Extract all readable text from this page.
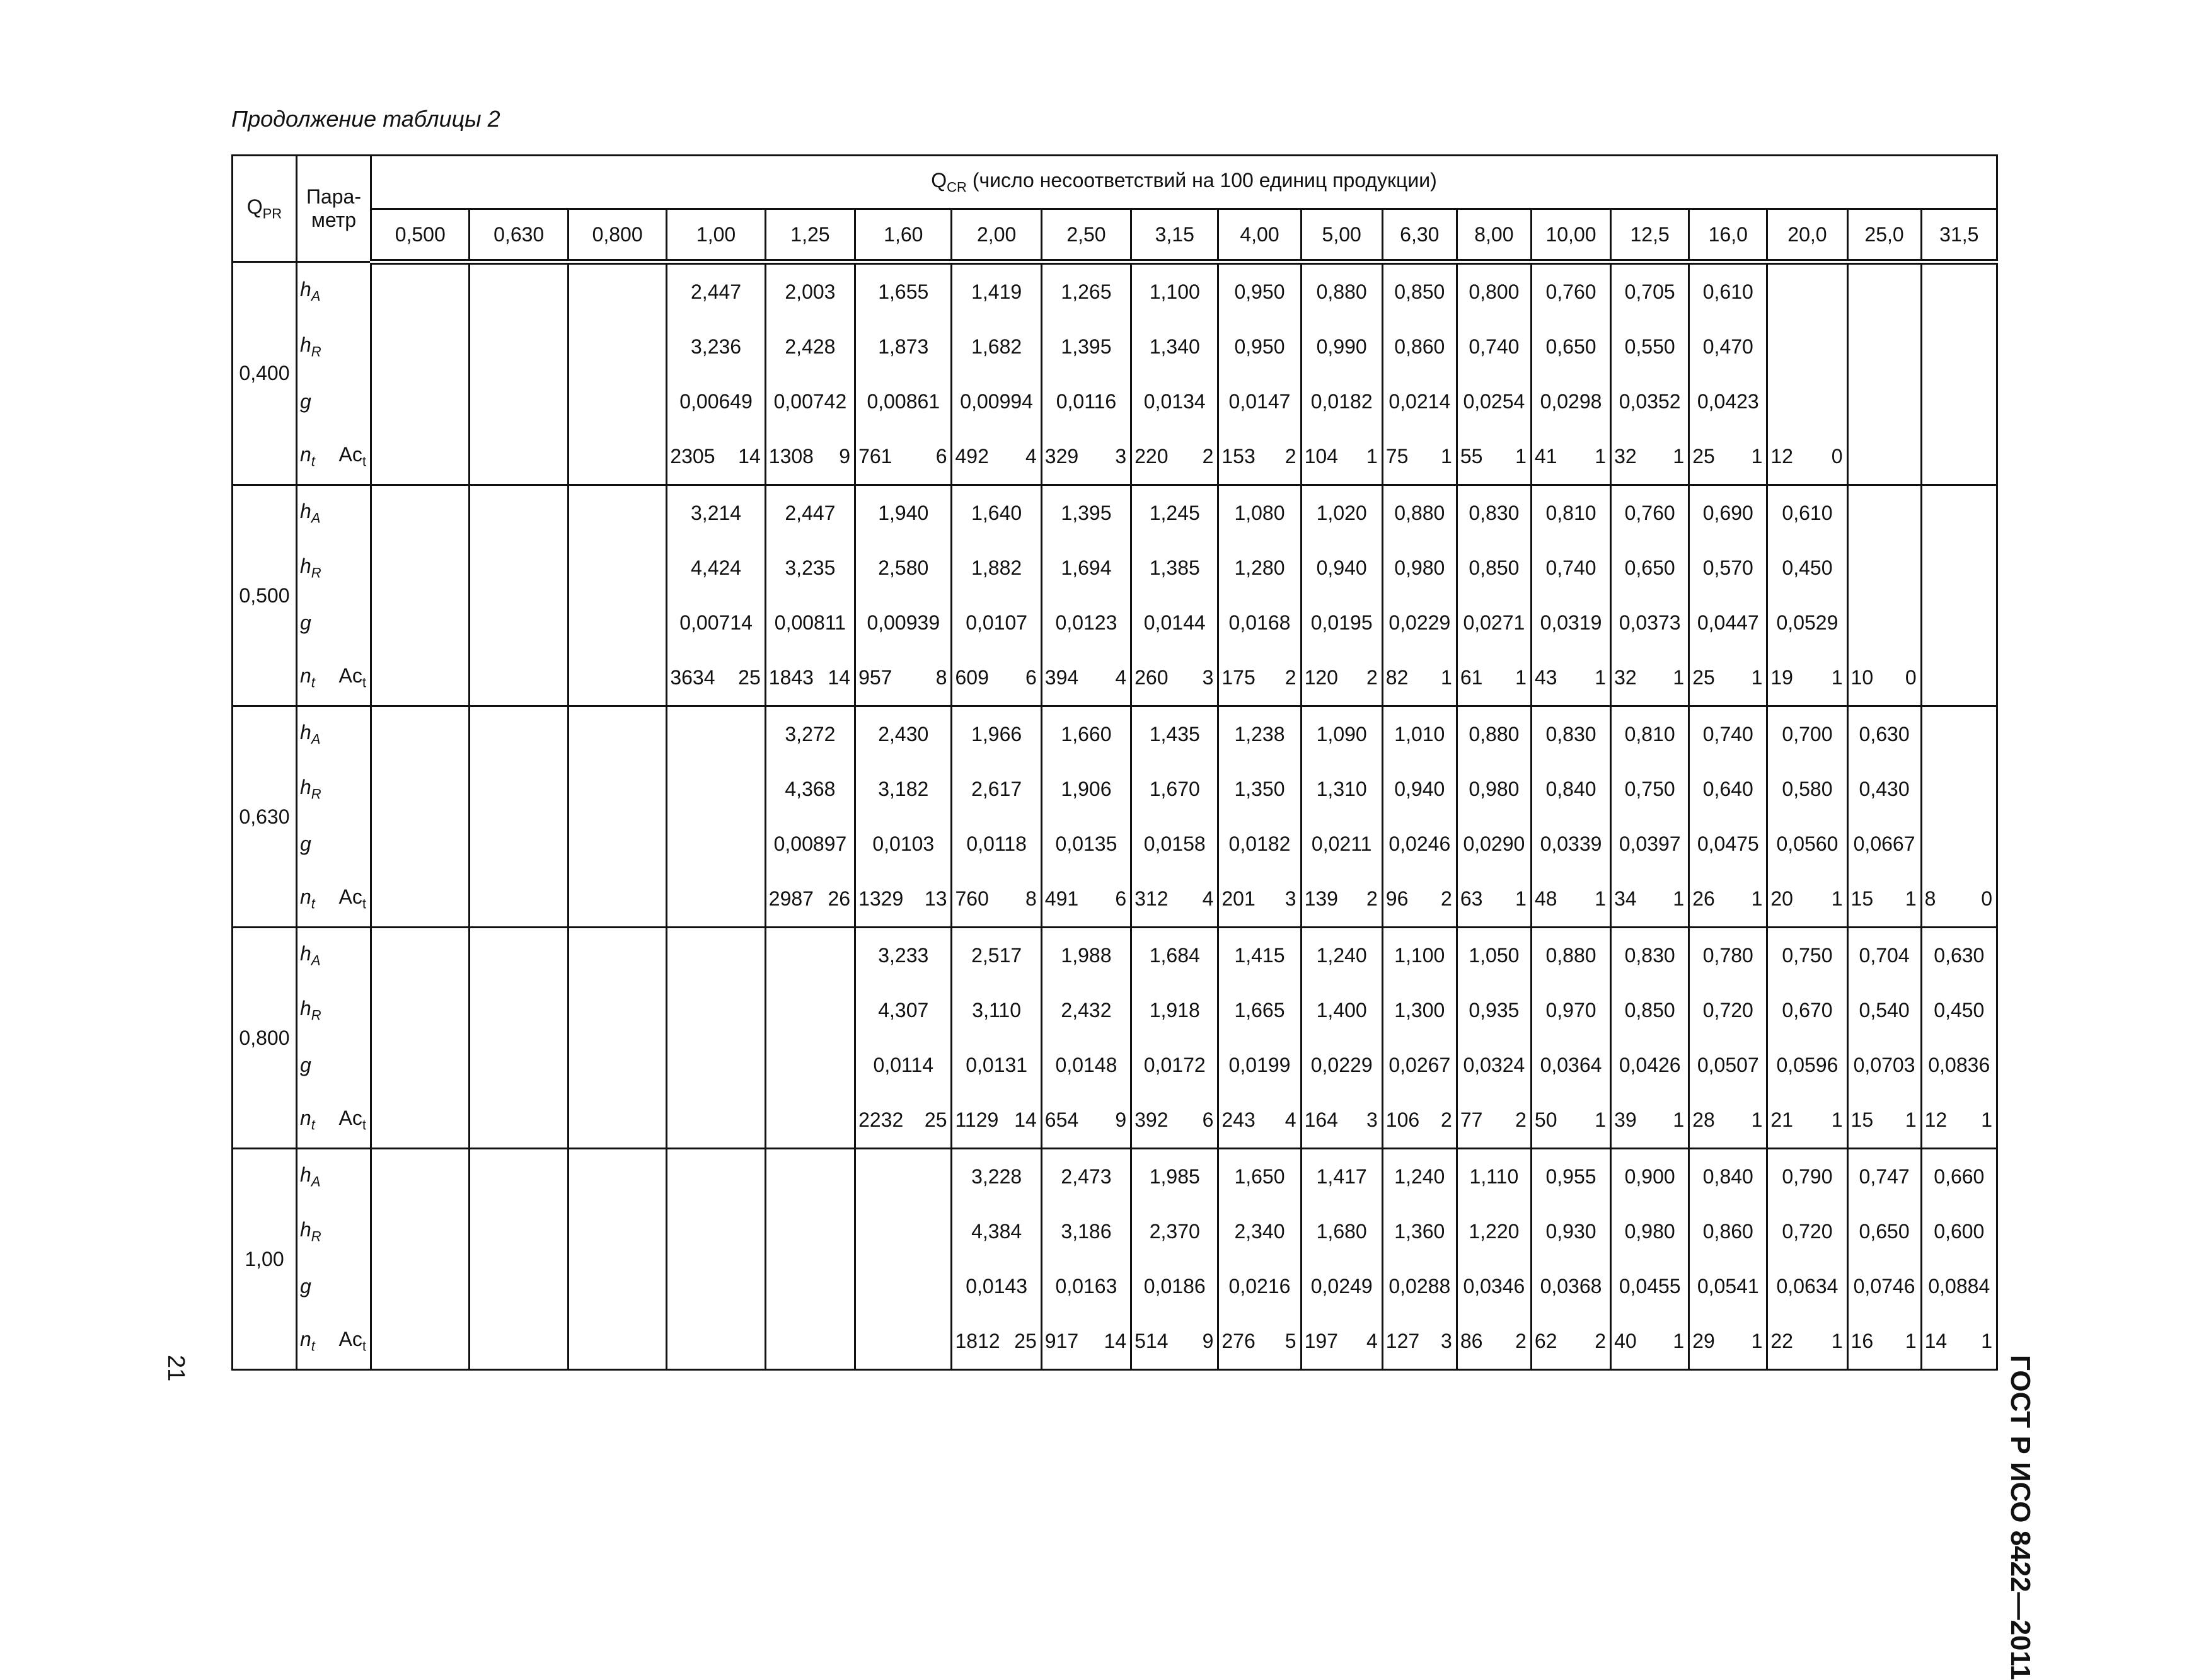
Продолжение таблицы 2
$Q_{PR}$	Пара-
метр	$Q_{CR}$ (число несоответствий на 100 единиц продукции)																		
		0,500	0,630	0,800	1,00	1,25	1,60	2,00	2,50	3,15	4,00	5,00	6,30	8,00	10,00	12,5	16,0	20,0	25,0	31,5
0,400	$h_A$				2,447	2,003	1,655	1,419	1,265	1,100	0,950	0,880	0,850	0,800	0,760	0,705	0,610			
	$h_R$				3,236	2,428	1,873	1,682	1,395	1,340	0,950	0,990	0,860	0,740	0,650	0,550	0,470			
	g				0,00649	0,00742	0,00861	0,00994	0,0116	0,0134	0,0147	0,0182	0,0214	0,0254	0,0298	0,0352	0,0423			
	$n_t$ $Ac_t$				2305 14	1308 9	761 6	492 4	329 3	220 2	153 2	104 1	75 1	55 1	41 1	32 1	25 1	12 0		

0,500	$h_A$				3,214	2,447	1,940	1,640	1,395	1,245	1,080	1,020	0,880	0,830	0,810	0,760	0,690	0,610		
	$h_R$				4,424	3,235	2,580	1,882	1,694	1,385	1,280	0,940	0,980	0,850	0,740	0,650	0,570	0,450		
	g				0,00714	0,00811	0,00939	0,0107	0,0123	0,0144	0,0168	0,0195	0,0229	0,0271	0,0319	0,0373	0,0447	0,0529		
	$n_t$ $Ac_t$				3634 25	1843 14	957 8	609 6	394 4	260 3	175 2	120 2	82 1	61 1	43 1	32 1	25 1	19 1	10 0	

0,630	$h_A$					3,272	2,430	1,966	1,660	1,435	1,238	1,090	1,010	0,880	0,830	0,810	0,740	0,700	0,630	
	$h_R$					4,368	3,182	2,617	1,906	1,670	1,350	1,310	0,940	0,980	0,840	0,750	0,640	0,580	0,430	
	g					0,00897	0,0103	0,0118	0,0135	0,0158	0,0182	0,0211	0,0246	0,0290	0,0339	0,0397	0,0475	0,0560	0,0667	
	$n_t$ $Ac_t$					2987 26	1329 13	760 8	491 6	312 4	201 3	139 2	96 2	63 1	48 1	34 1	26 1	20 1	15 1	8 0

0,800	$h_A$						3,233	2,517	1,988	1,684	1,415	1,240	1,100	1,050	0,880	0,830	0,780	0,750	0,704	0,630
	$h_R$						4,307	3,110	2,432	1,918	1,665	1,400	1,300	0,935	0,970	0,850	0,720	0,670	0,540	0,450
	g						0,0114	0,0131	0,0148	0,0172	0,0199	0,0229	0,0267	0,0324	0,0364	0,0426	0,0507	0,0596	0,0703	0,0836
	$n_t$ $Ac_t$						2232 25	1129 14	654 9	392 6	243 4	164 3	106 2	77 2	50 1	39 1	28 1	21 1	15 1	12 1

1,00	$h_A$							3,228	2,473	1,985	1,650	1,417	1,240	1,110	0,955	0,900	0,840	0,790	0,747	0,660
	$h_R$							4,384	3,186	2,370	2,340	1,680	1,360	1,220	0,930	0,980	0,860	0,720	0,650	0,600
	g							0,0143	0,0163	0,0186	0,0216	0,0249	0,0288	0,0346	0,0368	0,0455	0,0541	0,0634	0,0746	0,0884
	$n_t$ $Ac_t$							1812 25	917 14	514 9	276 5	197 4	127 3	86 2	62 2	40 1	29 1	22 1	16 1	14 1
ГОСТ Р ИСО 8422—2011
21
